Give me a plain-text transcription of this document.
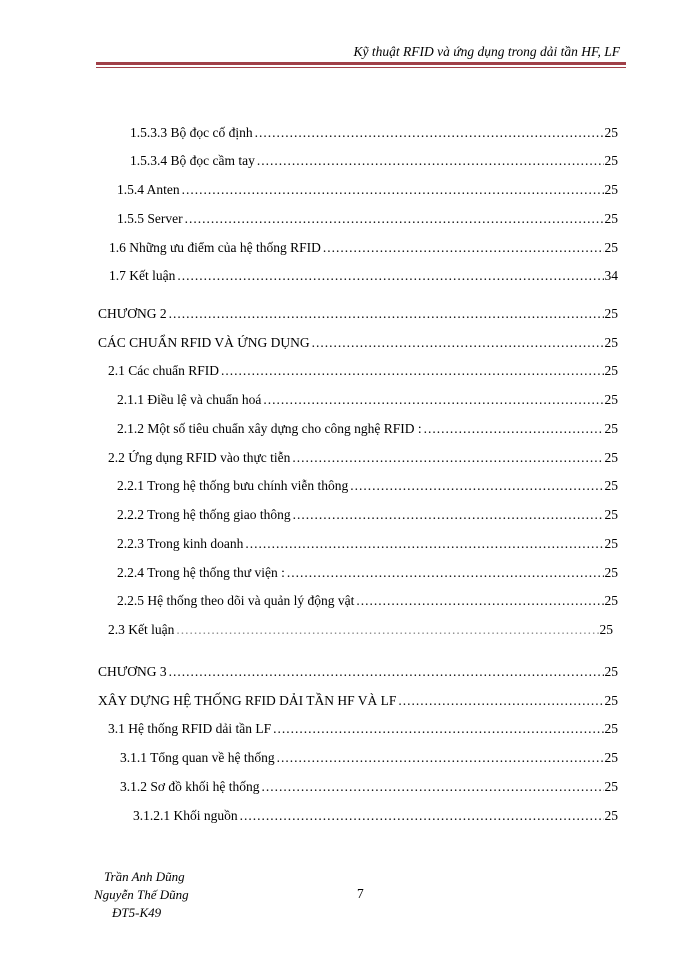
Kỹ thuật RFID và ứng dụng trong dải tần HF, LF
1.5.3.3 Bộ đọc cố định .....	25
1.5.3.4 Bộ đọc cầm tay .....	25
1.5.4 Anten .....	25
1.5.5 Server .....	25
1.6 Những ưu điểm của hệ thống RFID .....	25
1.7 Kết luận .....	34
CHƯƠNG 2 .....	25
CÁC CHUẨN RFID VÀ ỨNG DỤNG .....	25
2.1 Các chuẩn RFID .....	25
2.1.1 Điều lệ và chuẩn hoá .....	25
2.1.2 Một số tiêu chuẩn xây dựng cho công nghệ RFID : .....	25
2.2 Ứng dụng RFID vào thực tiễn .....	25
2.2.1 Trong hệ thống bưu chính viễn thông .....	25
2.2.2 Trong hệ thống giao thông .....	25
2.2.3 Trong kinh doanh .....	25
2.2.4 Trong hệ thống thư viện : .....	25
2.2.5 Hệ thống theo dõi và quản lý động vật .....	25
2.3 Kết luận .....	25
CHƯƠNG 3 .....	25
XÂY DỰNG HỆ THỐNG RFID DẢI TẦN HF VÀ LF .....	25
3.1 Hệ thống RFID dải tần LF .....	25
3.1.1 Tổng quan về hệ thống .....	25
3.1.2 Sơ đồ khối hệ thống .....	25
3.1.2.1 Khối nguồn .....	25
Trần Anh Dũng
Nguyễn Thế Dũng
ĐT5-K49
7
